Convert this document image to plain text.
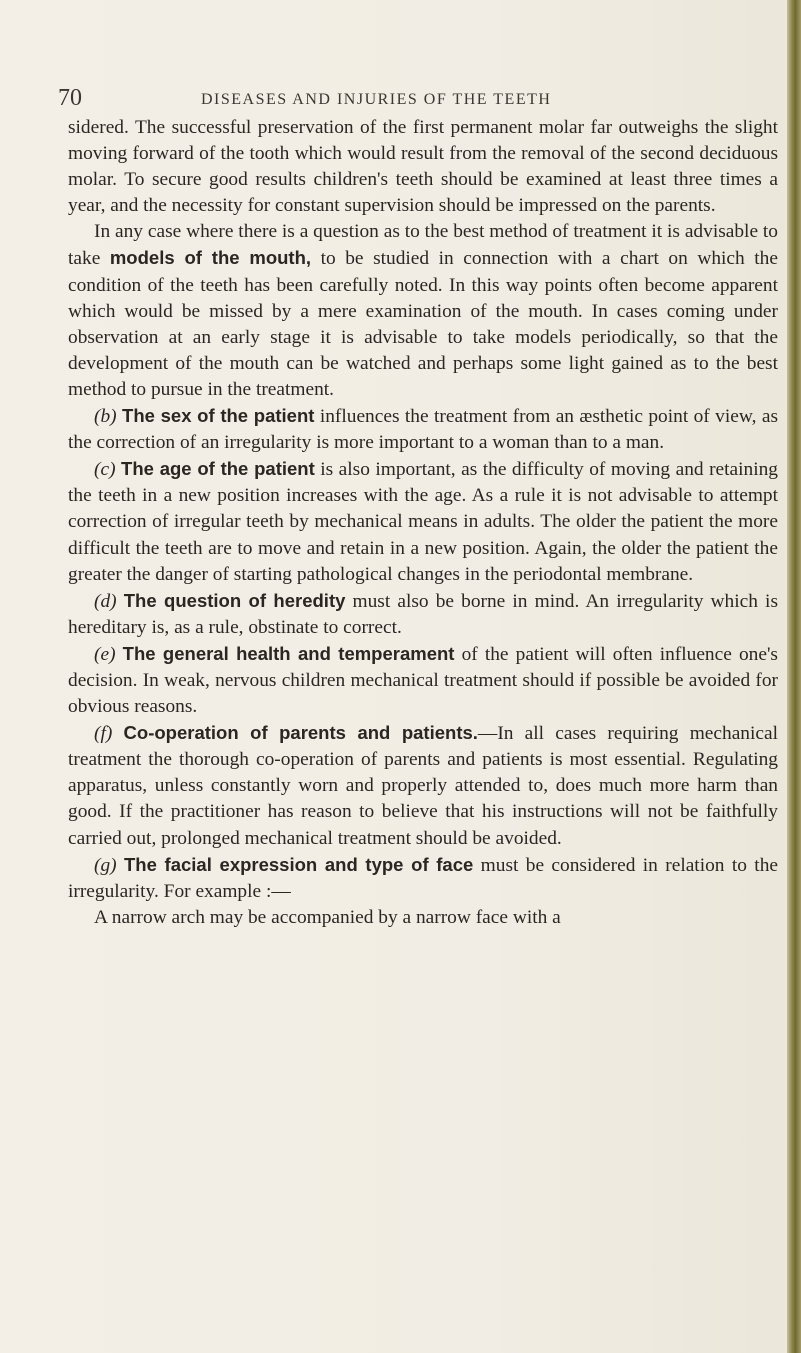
70	DISEASES AND INJURIES OF THE TEETH

sidered. The successful preservation of the first permanent molar far outweighs the slight moving forward of the tooth which would result from the removal of the second deciduous molar. To secure good results children's teeth should be examined at least three times a year, and the necessity for constant supervision should be impressed on the parents.

In any case where there is a question as to the best method of treatment it is advisable to take models of the mouth, to be studied in connection with a chart on which the condition of the teeth has been carefully noted. In this way points often become apparent which would be missed by a mere examination of the mouth. In cases coming under observation at an early stage it is advisable to take models periodically, so that the development of the mouth can be watched and perhaps some light gained as to the best method to pursue in the treatment.

(b) The sex of the patient influences the treatment from an æsthetic point of view, as the correction of an irregularity is more important to a woman than to a man.

(c) The age of the patient is also important, as the difficulty of moving and retaining the teeth in a new position increases with the age. As a rule it is not advisable to attempt correction of irregular teeth by mechanical means in adults. The older the patient the more difficult the teeth are to move and retain in a new position. Again, the older the patient the greater the danger of starting pathological changes in the periodontal membrane.

(d) The question of heredity must also be borne in mind. An irregularity which is hereditary is, as a rule, obstinate to correct.

(e) The general health and temperament of the patient will often influence one's decision. In weak, nervous children mechanical treatment should if possible be avoided for obvious reasons.

(f) Co-operation of parents and patients.—In all cases requiring mechanical treatment the thorough co-operation of parents and patients is most essential. Regulating apparatus, unless constantly worn and properly attended to, does much more harm than good. If the practitioner has reason to believe that his instructions will not be faithfully carried out, prolonged mechanical treatment should be avoided.

(g) The facial expression and type of face must be considered in relation to the irregularity. For example :—

A narrow arch may be accompanied by a narrow face with a
